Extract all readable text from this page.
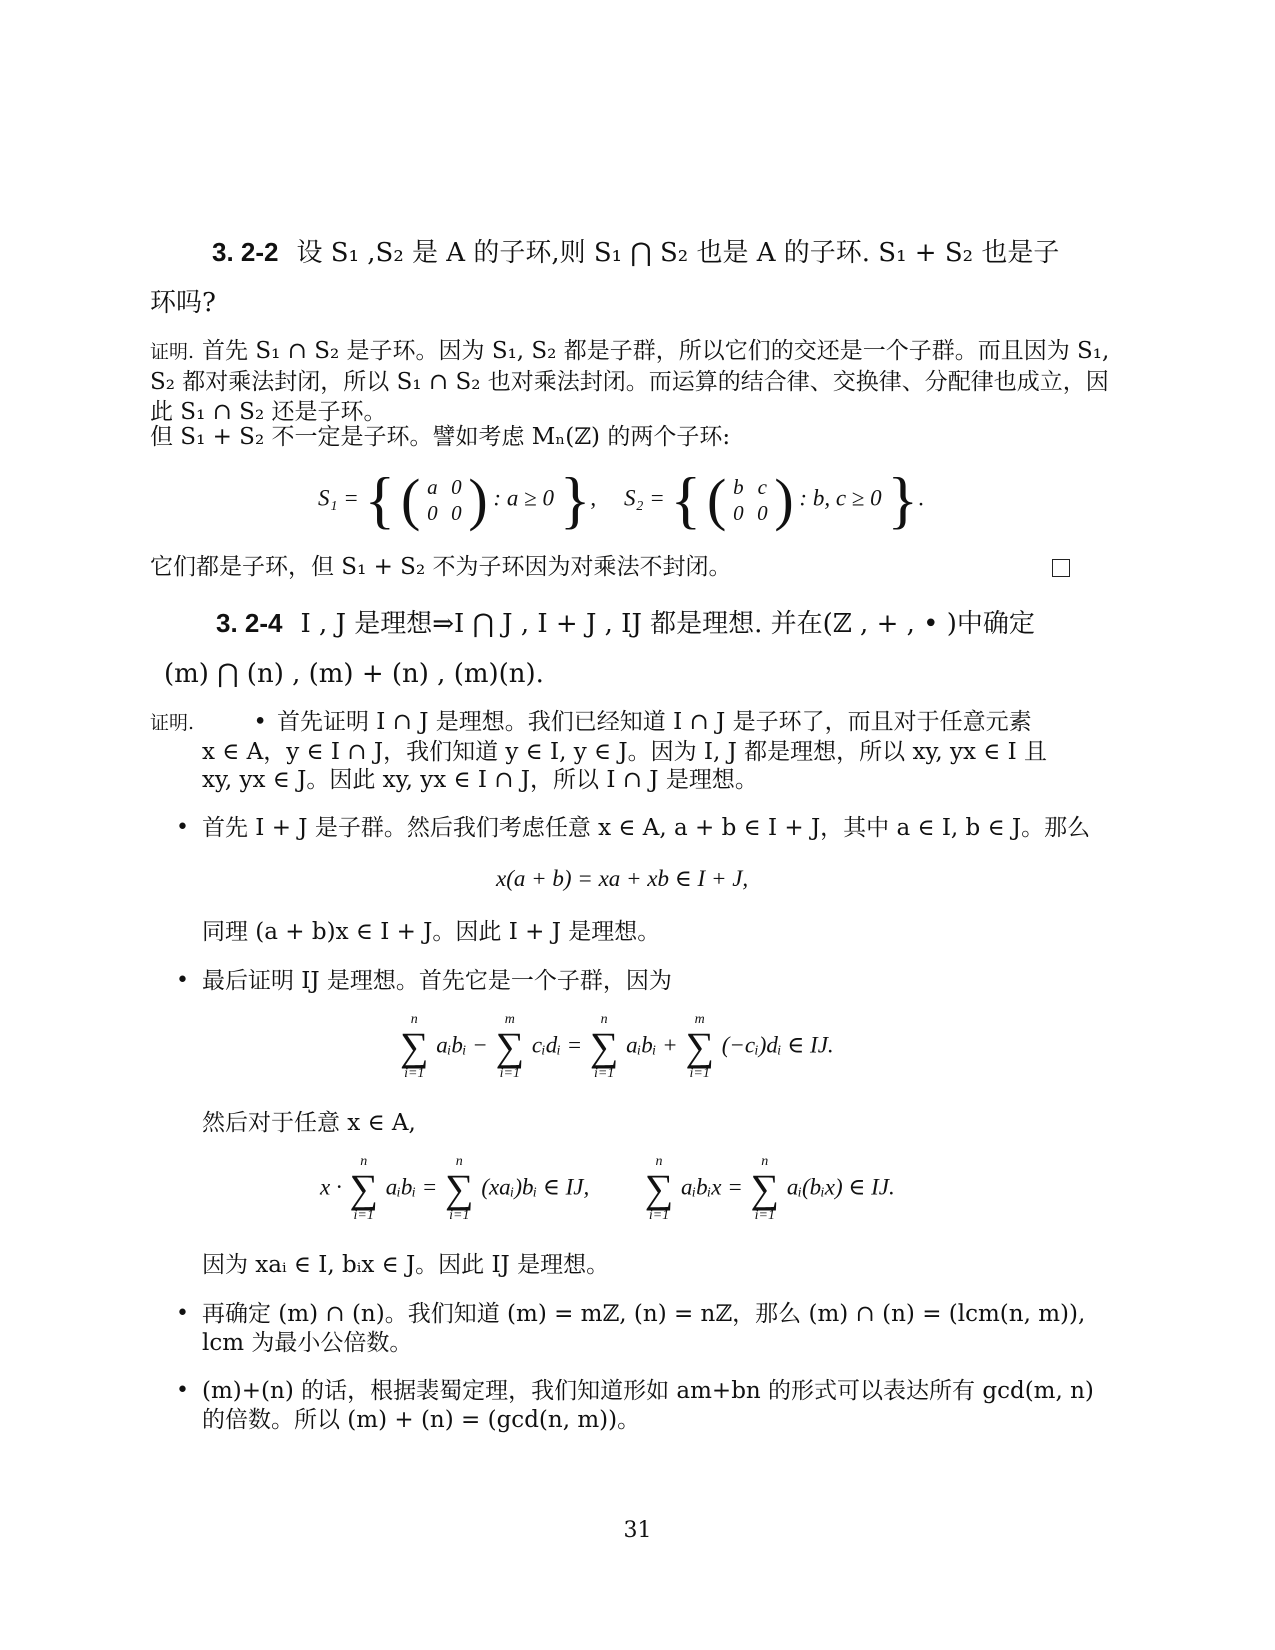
3. 2-2 设 S₁ ,S₂ 是 A 的子环,则 S₁ ⋂ S₂ 也是 A 的子环. S₁ + S₂ 也是子
环吗?
证明. 首先 S₁ ∩ S₂ 是子环。因为 S₁, S₂ 都是子群，所以它们的交还是一个子群。而且因为 S₁, S₂ 都对乘法封闭，所以 S₁ ∩ S₂ 也对乘法封闭。而运算的结合律、交换律、分配律也成立，因此 S₁ ∩ S₂ 还是子环。
但 S₁ + S₂ 不一定是子环。譬如考虑 Mₙ(ℤ) 的两个子环:
S₁ = { ( a 0
0 0 ) : a ≥ 0 }, S₂ = { ( b c
0 0 ) : b, c ≥ 0 }.
它们都是子环，但 S₁ + S₂ 不为子环因为对乘法不封闭。
3. 2-4 I , J 是理想⇒I ⋂ J , I + J , IJ 都是理想. 并在(ℤ , + , • )中确定
(m) ⋂ (n) , (m) + (n) , (m)(n).
证明.	• 首先证明 I ∩ J 是理想。我们已经知道 I ∩ J 是子环了，而且对于任意元素
x ∈ A，y ∈ I ∩ J，我们知道 y ∈ I, y ∈ J。因为 I, J 都是理想，所以 xy, yx ∈ I 且
xy, yx ∈ J。因此 xy, yx ∈ I ∩ J，所以 I ∩ J 是理想。
• 首先 I + J 是子群。然后我们考虑任意 x ∈ A, a + b ∈ I + J，其中 a ∈ I, b ∈ J。那么
x(a + b) = xa + xb ∈ I + J,
同理 (a + b)x ∈ I + J。因此 I + J 是理想。
• 最后证明 IJ 是理想。首先它是一个子群，因为
n
∑
i=1
aᵢbᵢ −
m
∑
i=1
cᵢdᵢ =
n
∑
i=1
aᵢbᵢ +
m
∑
i=1
(−cᵢ)dᵢ ∈ IJ.
然后对于任意 x ∈ A,
x ·
n
∑
i=1
aᵢbᵢ =
n
∑
i=1
(xaᵢ)bᵢ ∈ IJ,
n
∑
i=1
aᵢbᵢx =
n
∑
i=1
aᵢ(bᵢx) ∈ IJ.
因为 xaᵢ ∈ I, bᵢx ∈ J。因此 IJ 是理想。
• 再确定 (m) ∩ (n)。我们知道 (m) = mℤ, (n) = nℤ，那么 (m) ∩ (n) = (lcm(n, m)),
lcm 为最小公倍数。
• (m)+(n) 的话，根据裴蜀定理，我们知道形如 am+bn 的形式可以表达所有 gcd(m, n)
的倍数。所以 (m) + (n) = (gcd(n, m))。
31
